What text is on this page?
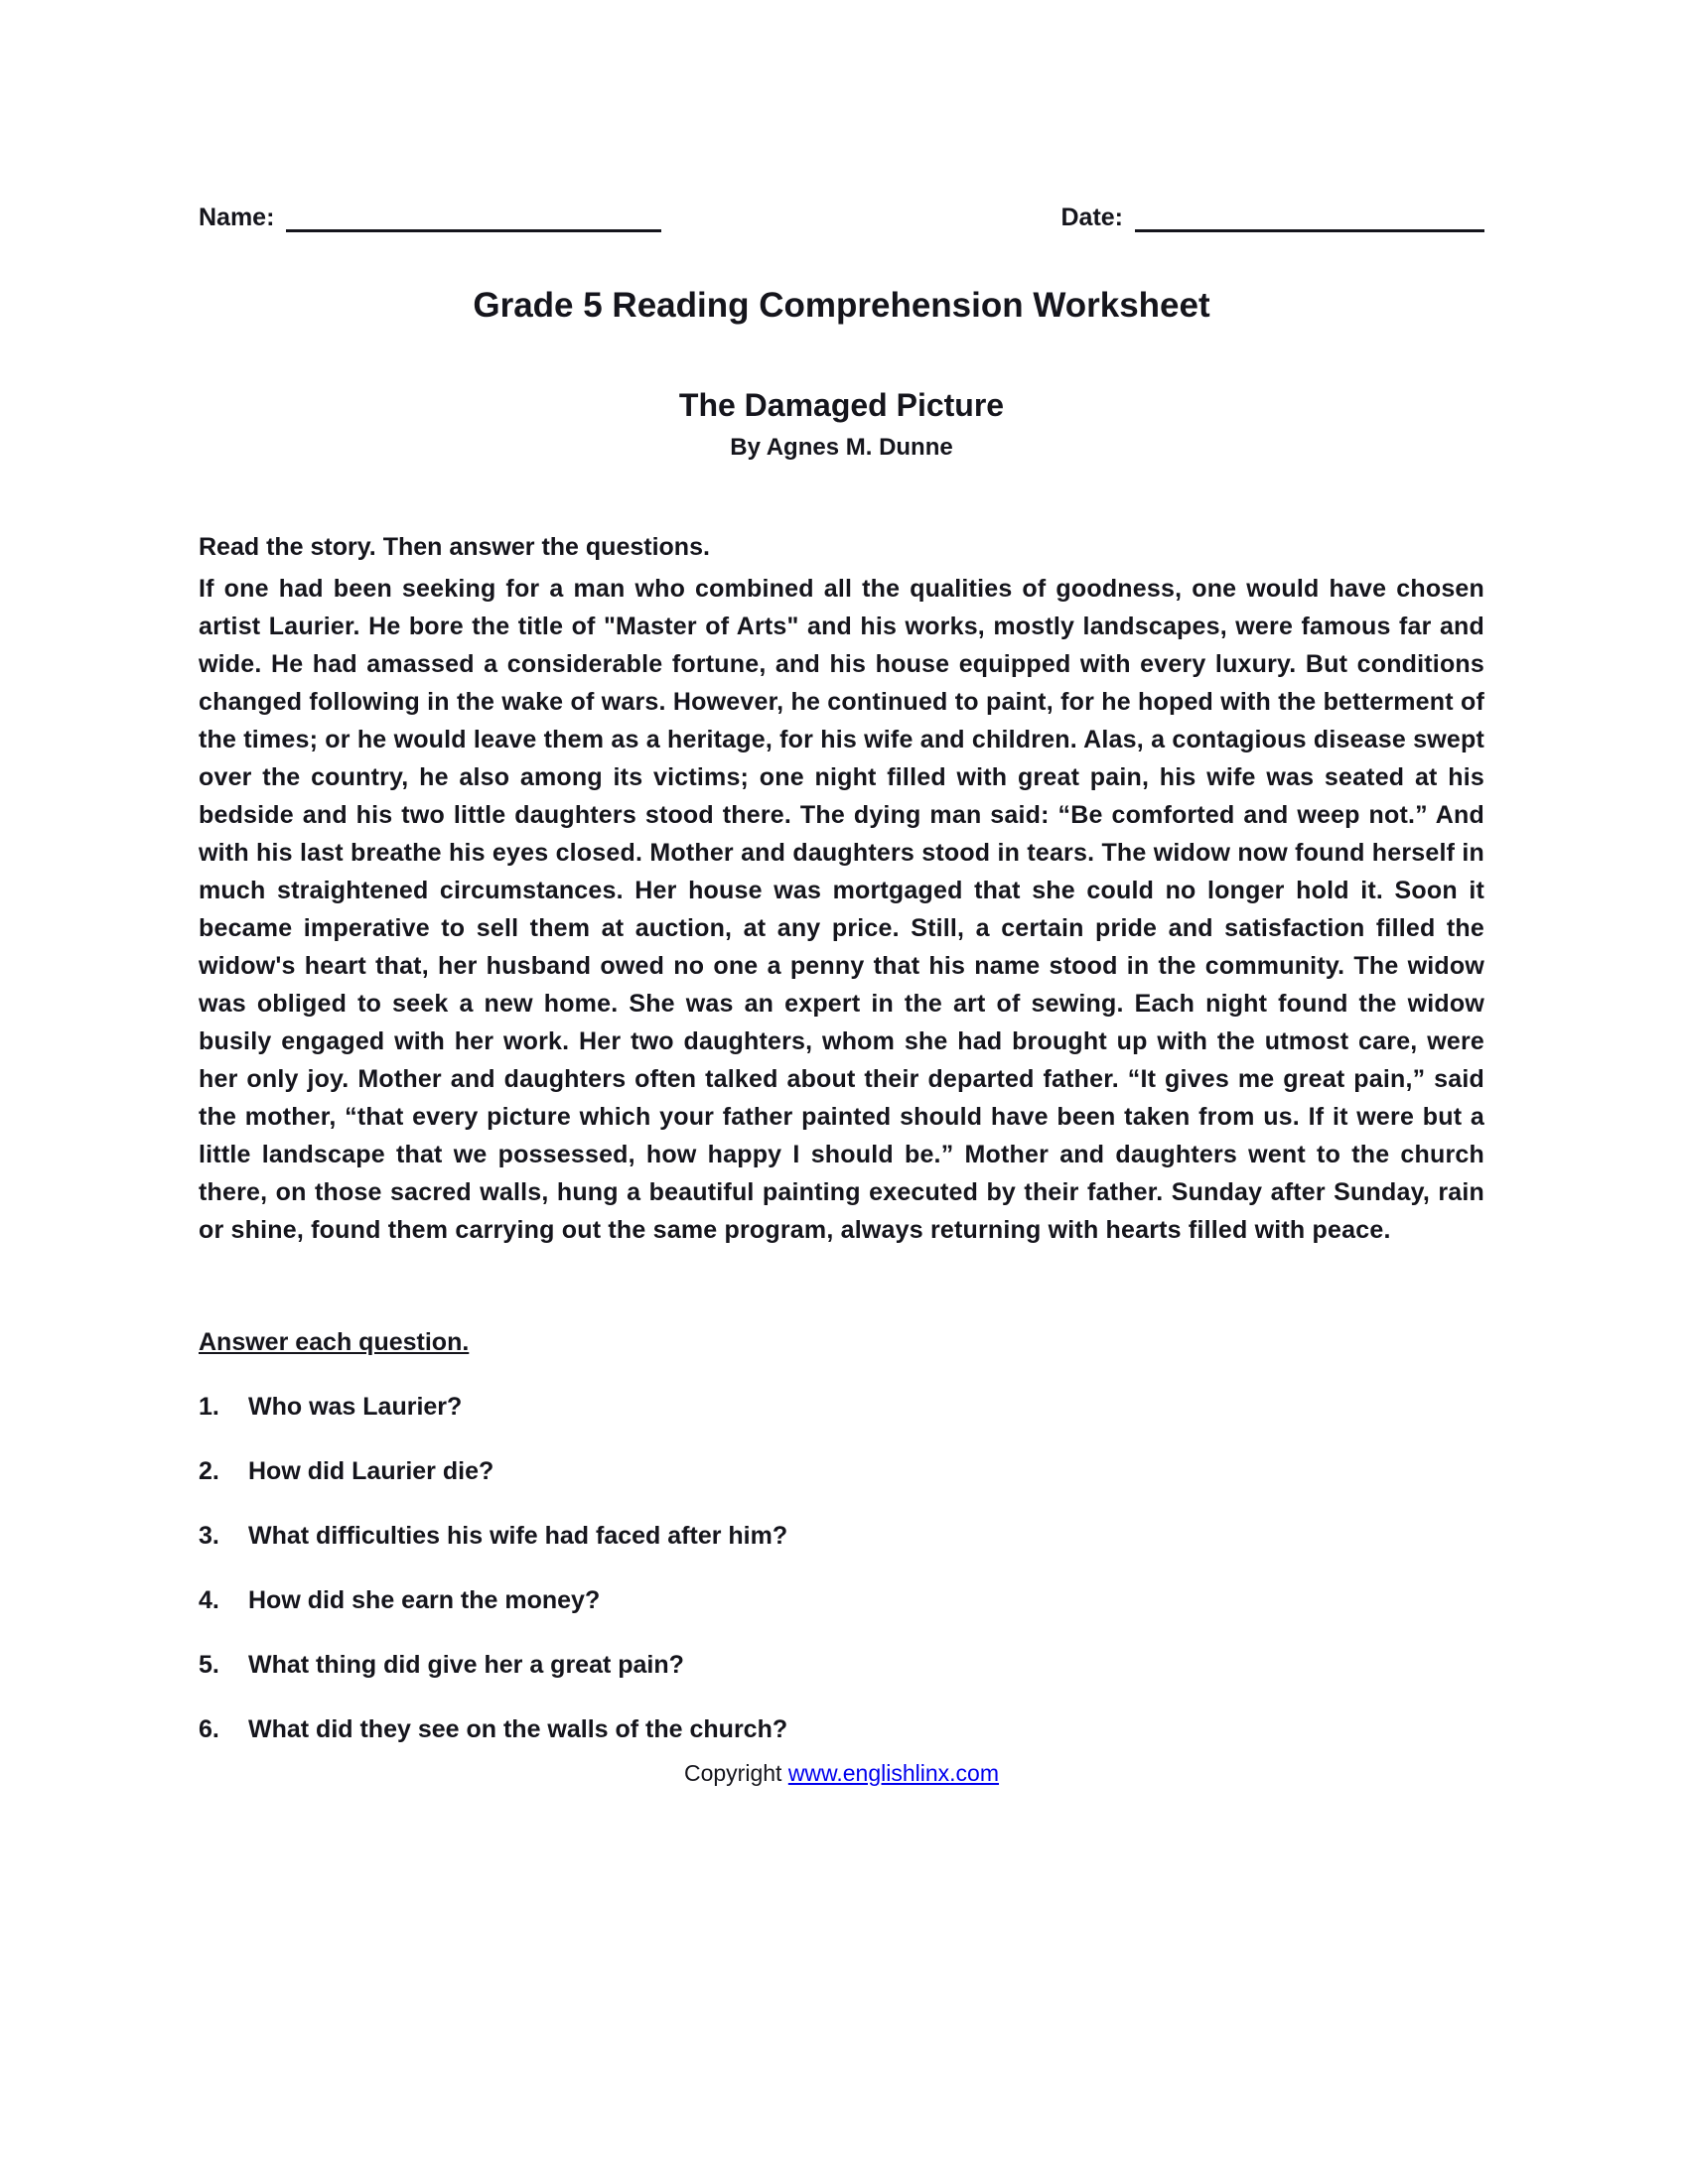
Name:	Date:
Grade 5 Reading Comprehension Worksheet
The Damaged Picture
By Agnes M. Dunne
Read the story. Then answer the questions.
If one had been seeking for a man who combined all the qualities of goodness, one would have chosen artist Laurier. He bore the title of "Master of Arts" and his works, mostly landscapes, were famous far and wide. He had amassed a considerable fortune, and his house equipped with every luxury. But conditions changed following in the wake of wars. However, he continued to paint, for he hoped with the betterment of the times; or he would leave them as a heritage, for his wife and children. Alas, a contagious disease swept over the country, he also among its victims; one night filled with great pain, his wife was seated at his bedside and his two little daughters stood there. The dying man said: “Be comforted and weep not.” And with his last breathe his eyes closed. Mother and daughters stood in tears. The widow now found herself in much straightened circumstances. Her house was mortgaged that she could no longer hold it. Soon it became imperative to sell them at auction, at any price. Still, a certain pride and satisfaction filled the widow's heart that, her husband owed no one a penny that his name stood in the community. The widow was obliged to seek a new home. She was an expert in the art of sewing. Each night found the widow busily engaged with her work. Her two daughters, whom she had brought up with the utmost care, were her only joy. Mother and daughters often talked about their departed father. “It gives me great pain,” said the mother, “that every picture which your father painted should have been taken from us. If it were but a little landscape that we possessed, how happy I should be.” Mother and daughters went to the church there, on those sacred walls, hung a beautiful painting executed by their father. Sunday after Sunday, rain or shine, found them carrying out the same program, always returning with hearts filled with peace.
Answer each question.
1.	Who was Laurier?
2.	How did Laurier die?
3.	What difficulties his wife had faced after him?
4.	How did she earn the money?
5.	What thing did give her a great pain?
6.	What did they see on the walls of the church?
Copyright www.englishlinx.com
